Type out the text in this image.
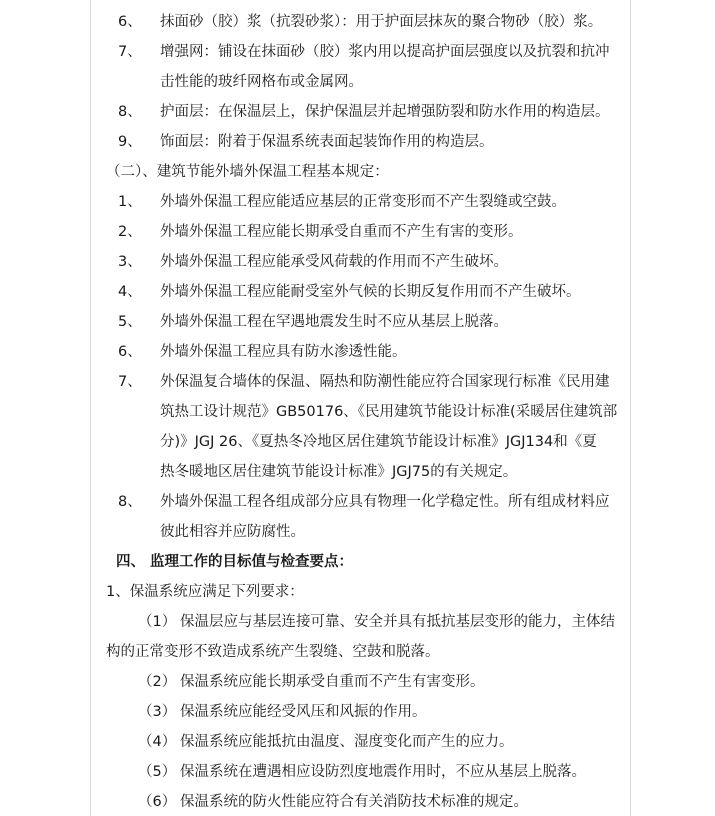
6、 抹面砂（胶）浆（抗裂砂浆）：用于护面层抹灰的聚合物砂（胶）浆。
7、 增强网：铺设在抹面砂（胶）浆内用以提高护面层强度以及抗裂和抗冲
击性能的玻纤网格布或金属网。
8、 护面层：在保温层上，保护保温层并起增强防裂和防水作用的构造层。
9、 饰面层：附着于保温系统表面起装饰作用的构造层。
（二）、建筑节能外墙外保温工程基本规定：
1、 外墙外保温工程应能适应基层的正常变形而不产生裂缝或空鼓。
2、 外墙外保温工程应能长期承受自重而不产生有害的变形。
3、 外墙外保温工程应能承受风荷载的作用而不产生破坏。
4、 外墙外保温工程应能耐受室外气候的长期反复作用而不产生破坏。
5、 外墙外保温工程在罕遇地震发生时不应从基层上脱落。
6、 外墙外保温工程应具有防水渗透性能。
7、 外保温复合墙体的保温、隔热和防潮性能应符合国家现行标准《民用建
筑热工设计规范》GB50176、《民用建筑节能设计标准(采暖居住建筑部
分)》JGJ 26、《夏热冬冷地区居住建筑节能设计标准》JGJ134和《夏
热冬暖地区居住建筑节能设计标准》JGJ75的有关规定。
8、 外墙外保温工程各组成部分应具有物理一化学稳定性。所有组成材料应
彼此相容并应防腐性。
四、 监理工作的目标值与检查要点：
1、保温系统应满足下列要求：
（1） 保温层应与基层连接可靠、安全并具有抵抗基层变形的能力，主体结
构的正常变形不致造成系统产生裂缝、空鼓和脱落。
（2） 保温系统应能长期承受自重而不产生有害变形。
（3） 保温系统应能经受风压和风振的作用。
（4） 保温系统应能抵抗由温度、湿度变化而产生的应力。
（5） 保温系统在遭遇相应设防烈度地震作用时，不应从基层上脱落。
（6） 保温系统的防火性能应符合有关消防技术标准的规定。
